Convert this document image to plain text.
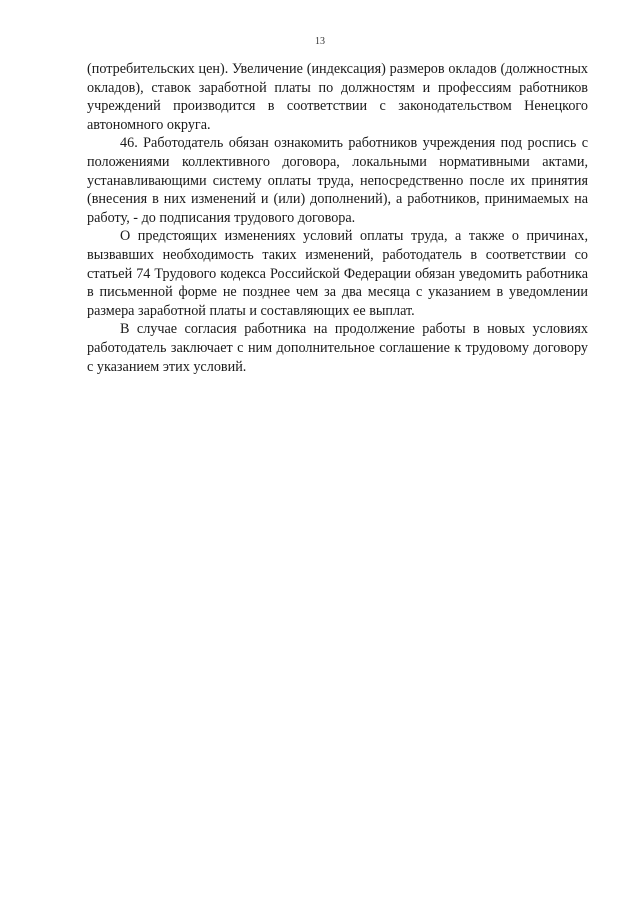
13

(потребительских цен). Увеличение (индексация) размеров окладов (должностных окладов), ставок заработной платы по должностям и профессиям работников учреждений производится в соответствии с законодательством Ненецкого автономного округа.

46. Работодатель обязан ознакомить работников учреждения под роспись с положениями коллективного договора, локальными нормативными актами, устанавливающими систему оплаты труда, непосредственно после их принятия (внесения в них изменений и (или) дополнений), а работников, принимаемых на работу, - до подписания трудового договора.

О предстоящих изменениях условий оплаты труда, а также о причинах, вызвавших необходимость таких изменений, работодатель в соответствии со статьей 74 Трудового кодекса Российской Федерации обязан уведомить работника в письменной форме не позднее чем за два месяца с указанием в уведомлении размера заработной платы и составляющих ее выплат.

В случае согласия работника на продолжение работы в новых условиях работодатель заключает с ним дополнительное соглашение к трудовому договору с указанием этих условий.
